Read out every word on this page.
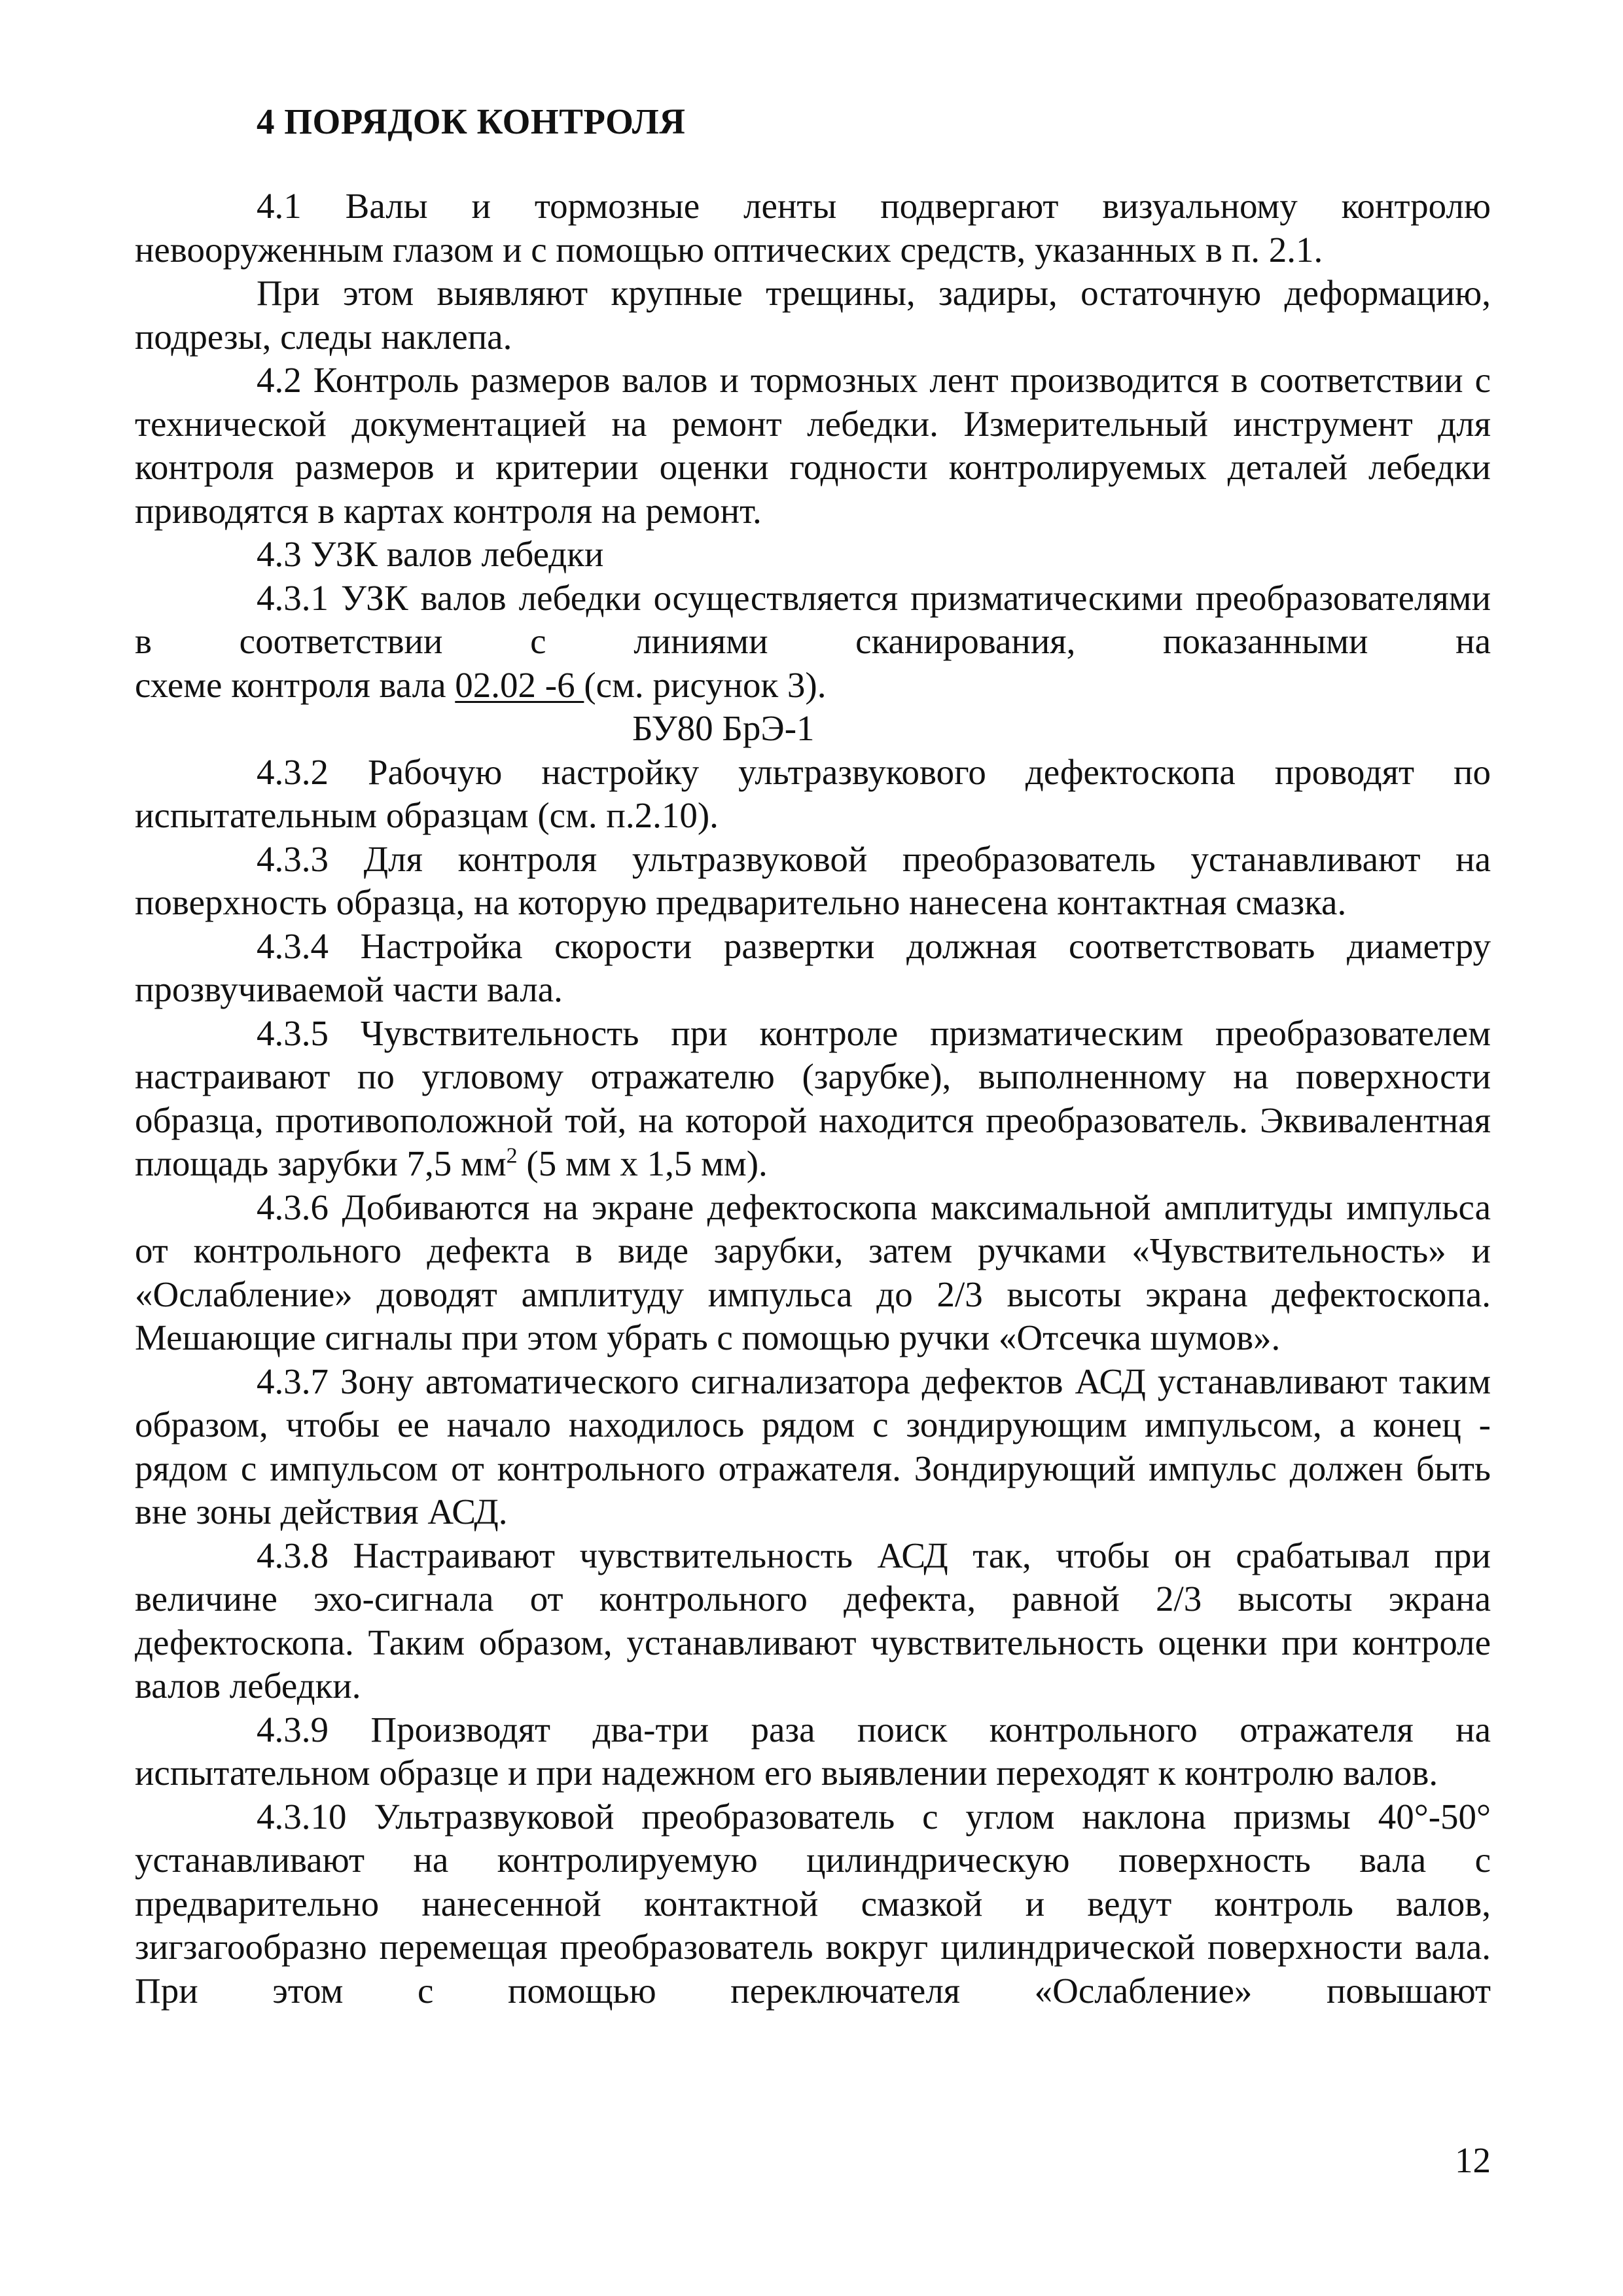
4 ПОРЯДОК КОНТРОЛЯ

4.1 Валы и тормозные ленты подвергают визуальному контролю невооруженным глазом и с помощью оптических средств, указанных в п. 2.1.

При этом выявляют крупные трещины, задиры, остаточную деформацию, подрезы, следы наклепа.

4.2 Контроль размеров валов и тормозных лент производится в соответствии с технической документацией на ремонт лебедки. Измерительный инструмент для контроля размеров и критерии оценки годности контролируемых деталей лебедки приводятся в картах контроля на ремонт.

4.3 УЗК валов лебедки

4.3.1 УЗК валов лебедки осуществляется призматическими преобразователями в соответствии с линиями сканирования, показанными на

схеме контроля вала 02.02 -6 (см. рисунок 3).

БУ80 БрЭ-1

4.3.2 Рабочую настройку ультразвукового дефектоскопа проводят по испытательным образцам (см. п.2.10).

4.3.3 Для контроля ультразвуковой преобразователь устанавливают на поверхность образца, на которую предварительно нанесена контактная смазка.

4.3.4 Настройка скорости развертки должная соответствовать диаметру прозвучиваемой части вала.

4.3.5 Чувствительность при контроле призматическим преобразователем настраивают по угловому отражателю (зарубке), выполненному на поверхности образца, противоположной той, на которой находится преобразователь. Эквивалентная площадь зарубки 7,5 $мм^2$ (5 мм х 1,5 мм).

4.3.6 Добиваются на экране дефектоскопа максимальной амплитуды импульса от контрольного дефекта в виде зарубки, затем ручками «Чувствительность» и «Ослабление» доводят амплитуду импульса до 2/3 высоты экрана дефектоскопа. Мешающие сигналы при этом убрать с помощью ручки «Отсечка шумов».

4.3.7 Зону автоматического сигнализатора дефектов АСД устанавливают таким образом, чтобы ее начало находилось рядом с зондирующим импульсом, а конец - рядом с импульсом от контрольного отражателя. Зондирующий импульс должен быть вне зоны действия АСД.

4.3.8 Настраивают чувствительность АСД так, чтобы он срабатывал при величине эхо-сигнала от контрольного дефекта, равной 2/3 высоты экрана дефектоскопа. Таким образом, устанавливают чувствительность оценки при контроле валов лебедки.

4.3.9 Производят два-три раза поиск контрольного отражателя на испытательном образце и при надежном его выявлении переходят к контролю валов.

4.3.10 Ультразвуковой преобразователь с углом наклона призмы 40°-50° устанавливают на контролируемую цилиндрическую поверхность вала с предварительно нанесенной контактной смазкой и ведут контроль валов, зигзагообразно перемещая преобразователь вокруг цилиндрической поверхности вала. При этом с помощью переключателя «Ослабление» повышают

12
